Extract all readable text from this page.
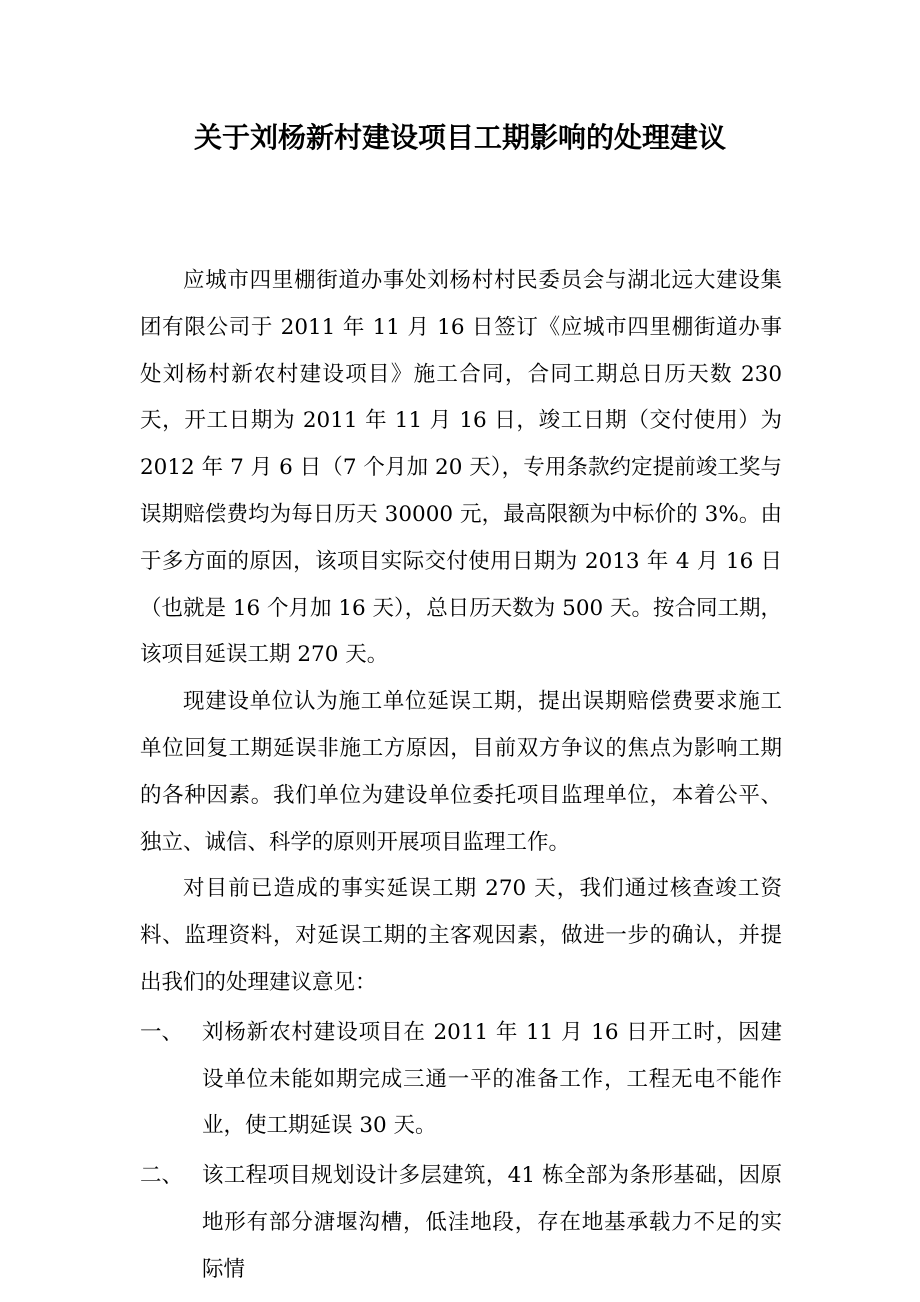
关于刘杨新村建设项目工期影响的处理建议

应城市四里棚街道办事处刘杨村村民委员会与湖北远大建设集团有限公司于 2011 年 11 月 16 日签订《应城市四里棚街道办事处刘杨村新农村建设项目》施工合同，合同工期总日历天数 230 天，开工日期为 2011 年 11 月 16 日，竣工日期（交付使用）为 2012 年 7 月 6 日（7 个月加 20 天），专用条款约定提前竣工奖与误期赔偿费均为每日历天 30000 元，最高限额为中标价的 3%。由于多方面的原因，该项目实际交付使用日期为 2013 年 4 月 16 日（也就是 16 个月加 16 天），总日历天数为 500 天。按合同工期，该项目延误工期 270 天。

现建设单位认为施工单位延误工期，提出误期赔偿费要求施工单位回复工期延误非施工方原因，目前双方争议的焦点为影响工期的各种因素。我们单位为建设单位委托项目监理单位，本着公平、独立、诚信、科学的原则开展项目监理工作。

对目前已造成的事实延误工期 270 天，我们通过核查竣工资料、监理资料，对延误工期的主客观因素，做进一步的确认，并提出我们的处理建议意见：

一、 刘杨新农村建设项目在 2011 年 11 月 16 日开工时，因建设单位未能如期完成三通一平的准备工作，工程无电不能作业，使工期延误 30 天。
二、 该工程项目规划设计多层建筑，41 栋全部为条形基础，因原地形有部分溏堰沟槽，低洼地段，存在地基承载力不足的实际情
